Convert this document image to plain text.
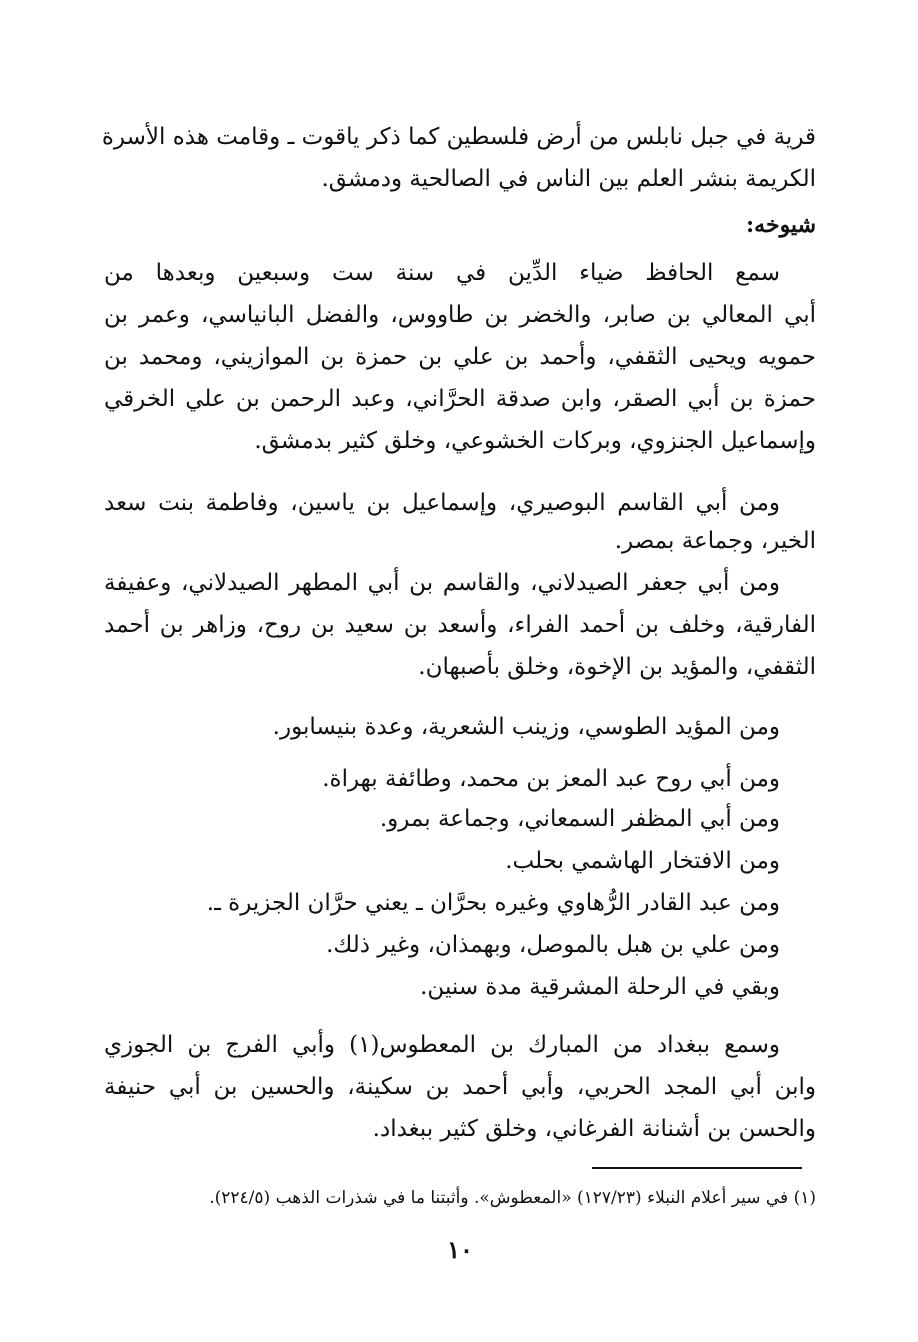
قرية في جبل نابلس من أرض فلسطين كما ذكر ياقوت ـ وقامت هذه الأسرة
الكريمة بنشر العلم بين الناس في الصالحية ودمشق.
شيوخه:
سمع الحافظ ضياء الدِّين في سنة ست وسبعين وبعدها من
أبي المعالي بن صابر، والخضر بن طاووس، والفضل البانياسي، وعمر بن
حمويه ويحيى الثقفي، وأحمد بن علي بن حمزة بن الموازيني، ومحمد بن
حمزة بن أبي الصقر، وابن صدقة الحرَّاني، وعبد الرحمن بن علي الخرقي
وإسماعيل الجنزوي، وبركات الخشوعي، وخلق كثير بدمشق.
ومن أبي القاسم البوصيري، وإسماعيل بن ياسين، وفاطمة بنت سعد
الخير، وجماعة بمصر.
ومن أبي جعفر الصيدلاني، والقاسم بن أبي المطهر الصيدلاني، وعفيفة
الفارقية، وخلف بن أحمد الفراء، وأسعد بن سعيد بن روح، وزاهر بن أحمد
الثقفي، والمؤيد بن الإخوة، وخلق بأصبهان.
ومن المؤيد الطوسي، وزينب الشعرية، وعدة بنيسابور.
ومن أبي روح عبد المعز بن محمد، وطائفة بهراة.
ومن أبي المظفر السمعاني، وجماعة بمرو.
ومن الافتخار الهاشمي بحلب.
ومن عبد القادر الرُّهاوي وغيره بحرَّان ـ يعني حرَّان الجزيرة ـ.
ومن علي بن هبل بالموصل، وبهمذان، وغير ذلك.
وبقي في الرحلة المشرقية مدة سنين.
وسمع ببغداد من المبارك بن المعطوس(١) وأبي الفرج بن الجوزي
وابن أبي المجد الحربي، وأبي أحمد بن سكينة، والحسين بن أبي حنيفة
والحسن بن أشنانة الفرغاني، وخلق كثير ببغداد.
(١) في سير أعلام النبلاء (١٢٧/٢٣) «المعطوش». وأثبتنا ما في شذرات الذهب (٢٢٤/٥).
١٠
